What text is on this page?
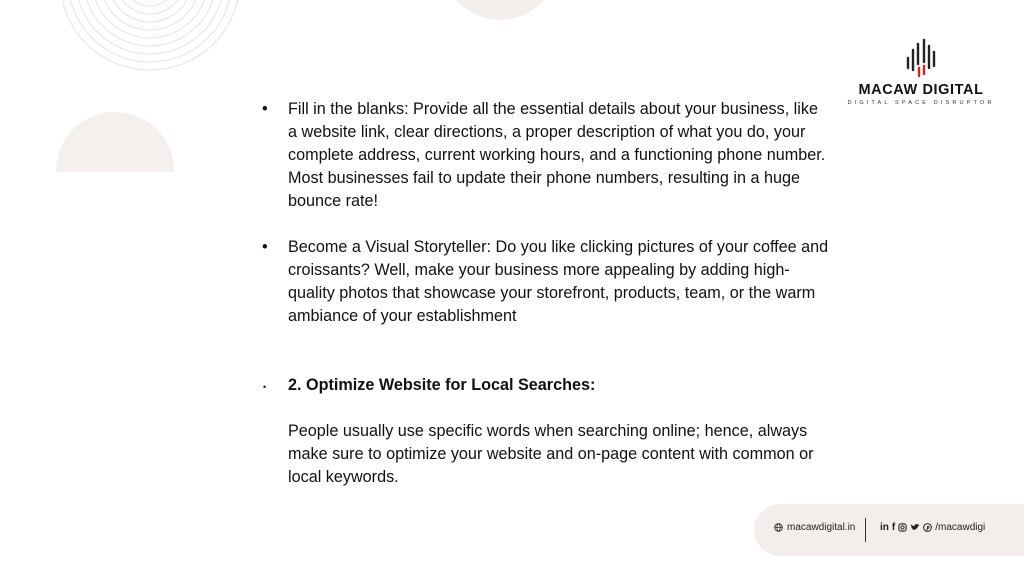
MACAW DIGITAL
DIGITAL SPACE DISRUPTOR
• Fill in the blanks: Provide all the essential details about your business, like a website link, clear directions, a proper description of what you do, your complete address, current working hours, and a functioning phone number. Most businesses fail to update their phone numbers, resulting in a huge bounce rate!
• Become a Visual Storyteller: Do you like clicking pictures of your coffee and croissants? Well, make your business more appealing by adding high-quality photos that showcase your storefront, products, team, or the warm ambiance of your establishment
• 2. Optimize Website for Local Searches:
People usually use specific words when searching online; hence, always make sure to optimize your website and on-page content with common or local keywords.
macawdigital.in in f	/macawdigi
